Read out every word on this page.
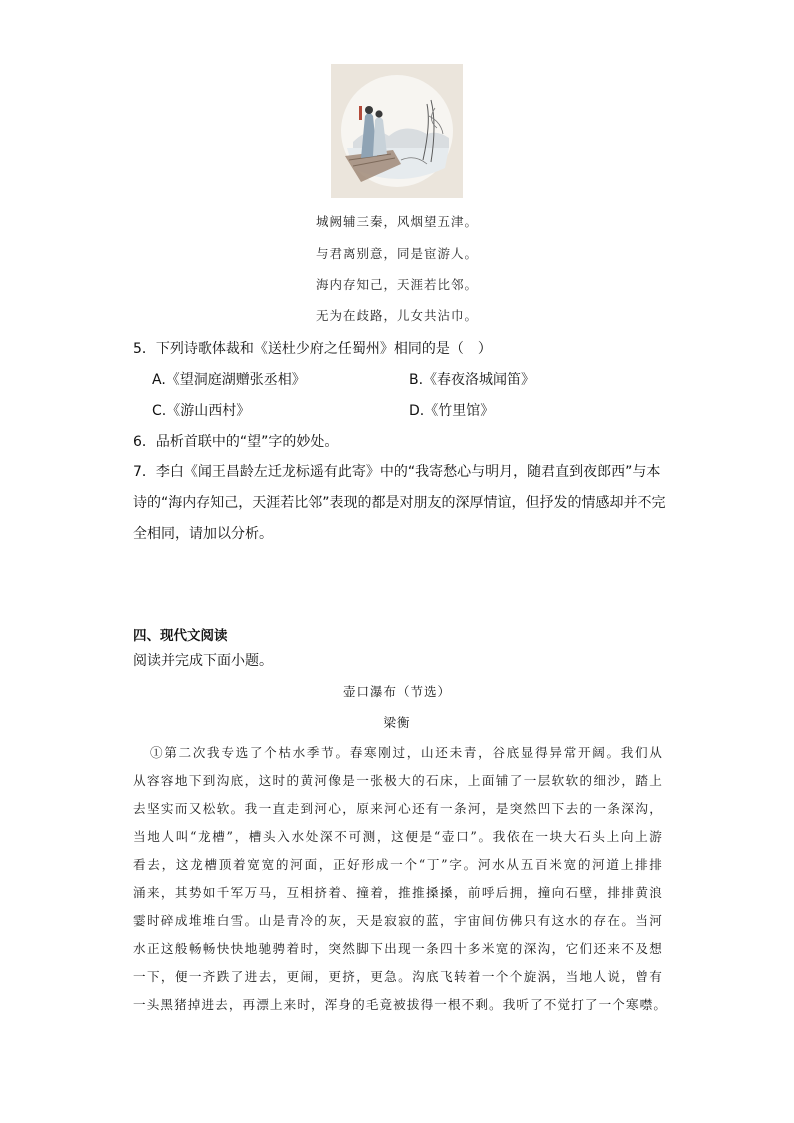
城阙辅三秦，风烟望五津。
与君离别意，同是宦游人。
海内存知己，天涯若比邻。
无为在歧路，儿女共沾巾。
5．下列诗歌体裁和《送杜少府之任蜀州》相同的是（　）
A.《望洞庭湖赠张丞相》	B.《春夜洛城闻笛》
C.《游山西村》	D.《竹里馆》
6．品析首联中的“望”字的妙处。
7．李白《闻王昌龄左迁龙标遥有此寄》中的“我寄愁心与明月，随君直到夜郎西”与本
诗的“海内存知己，天涯若比邻”表现的都是对朋友的深厚情谊，但抒发的情感却并不完
全相同，请加以分析。
四、现代文阅读
阅读并完成下面小题。
壶口瀑布（节选）
梁衡

①第二次我专选了个枯水季节。春寒刚过，山还未青，谷底显得异常开阔。我们从

从容容地下到沟底，这时的黄河像是一张极大的石床，上面铺了一层软软的细沙，踏上

去坚实而又松软。我一直走到河心，原来河心还有一条河，是突然凹下去的一条深沟，

当地人叫“龙槽”，槽头入水处深不可测，这便是“壶口”。我依在一块大石头上向上游

看去，这龙槽顶着宽宽的河面，正好形成一个“丁”字。河水从五百米宽的河道上排排

涌来，其势如千军万马，互相挤着、撞着，推推搡搡，前呼后拥，撞向石壁，排排黄浪

霎时碎成堆堆白雪。山是青冷的灰，天是寂寂的蓝，宇宙间仿佛只有这水的存在。当河

水正这般畅畅快快地驰骋着时，突然脚下出现一条四十多米宽的深沟，它们还来不及想

一下，便一齐跌了进去，更闹，更挤，更急。沟底飞转着一个个旋涡，当地人说，曾有

一头黑猪掉进去，再漂上来时，浑身的毛竟被拔得一根不剩。我听了不觉打了一个寒噤。
